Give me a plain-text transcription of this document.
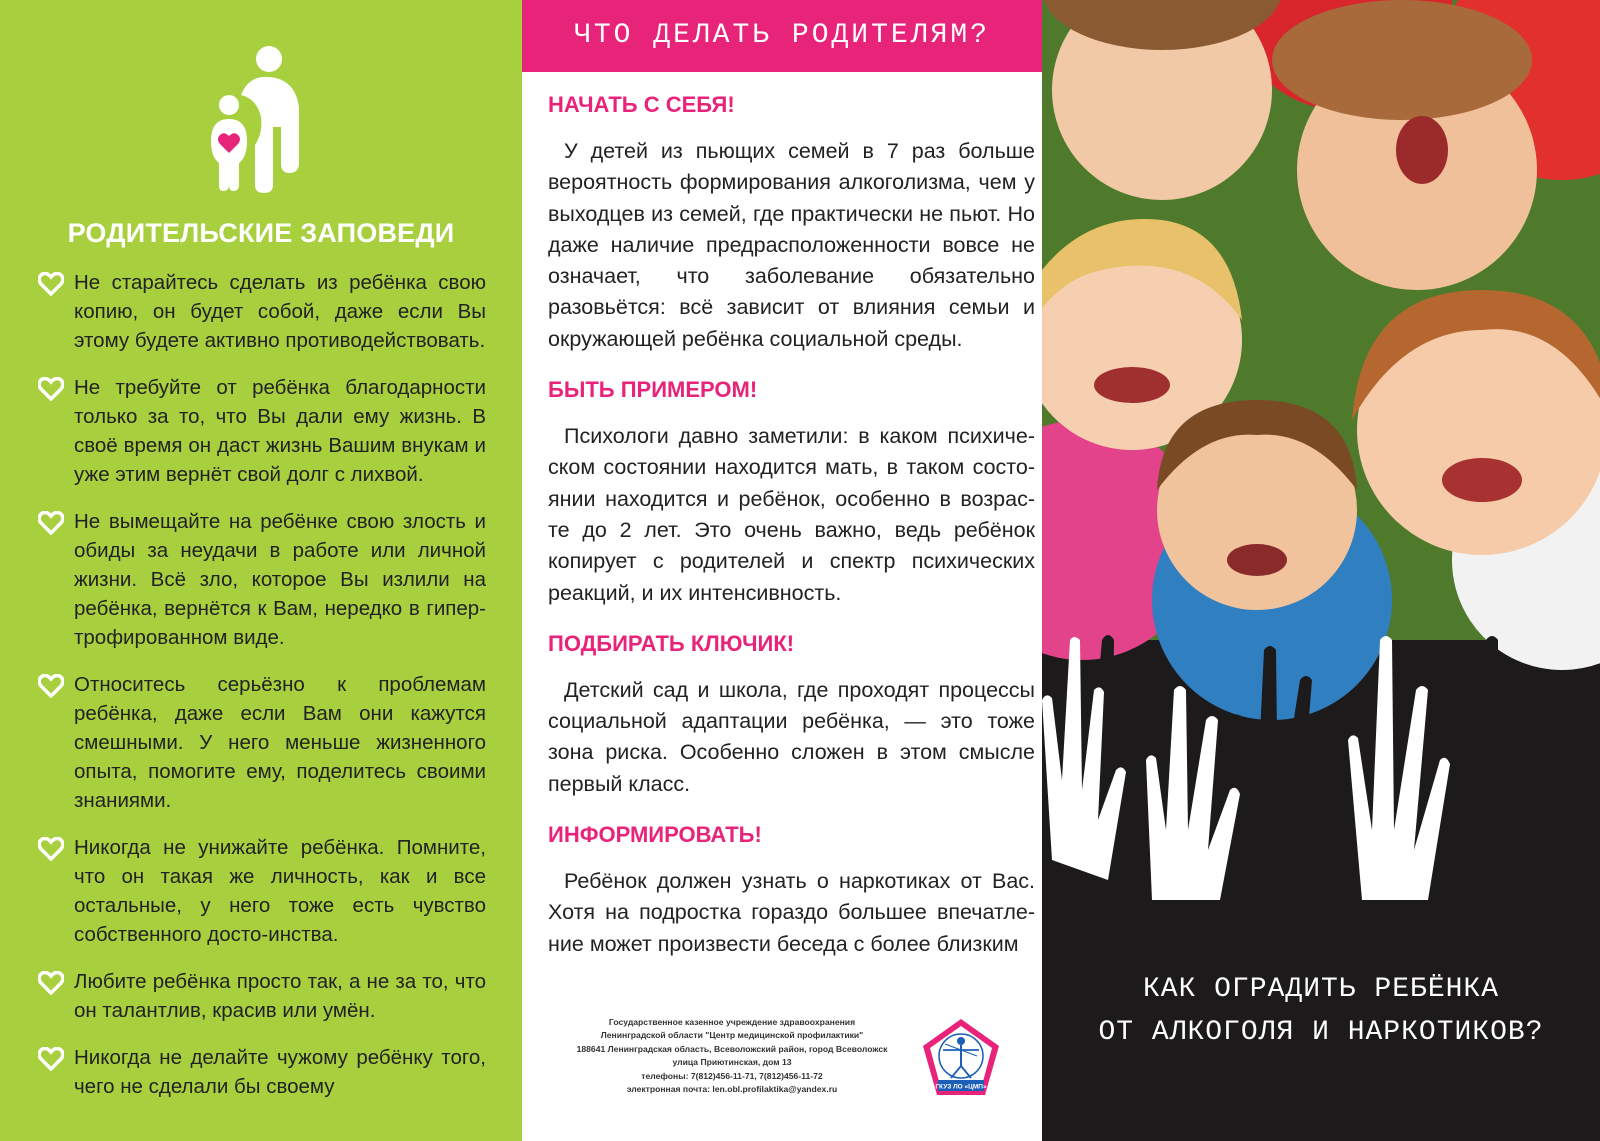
РОДИТЕЛЬСКИЕ ЗАПОВЕДИ
Не старайтесь сделать из ребёнка свою копию, он будет собой, даже если Вы этому будете активно противодействовать.
Не требуйте от ребёнка благодарности только за то, что Вы дали ему жизнь. В своё время он даст жизнь Вашим внукам и уже этим вернёт свой долг с лихвой.
Не вымещайте на ребёнке свою злость и обиды за неудачи в работе или личной жизни. Всё зло, которое Вы излили на ребёнка, вернётся к Вам, нередко в гипер-трофированном виде.
Относитесь серьёзно к проблемам ребёнка, даже если Вам они кажутся смешными. У него меньше жизненного опыта, помогите ему, поделитесь своими знаниями.
Никогда не унижайте ребёнка. Помните, что он такая же личность, как и все остальные, у него тоже есть чувство собственного досто-инства.
Любите ребёнка просто так, а не за то, что он талантлив, красив или умён.
Никогда не делайте чужому ребёнку того, чего не сделали бы своему
ЧТО ДЕЛАТЬ РОДИТЕЛЯМ?
НАЧАТЬ С СЕБЯ!

У детей из пьющих семей в 7 раз больше вероятность формирования алкоголизма, чем у выходцев из семей, где практически не пьют. Но даже наличие предрасположенности вовсе не означает, что заболевание обязательно разовьётся: всё зависит от влияния семьи и окружающей ребёнка социальной среды.

БЫТЬ ПРИМЕРОМ!

Психологи давно заметили: в каком психиче-ском состоянии находится мать, в таком состо-янии находится и ребёнок, особенно в возрас-те до 2 лет. Это очень важно, ведь ребёнок копирует с родителей и спектр психических реакций, и их интенсивность.

ПОДБИРАТЬ КЛЮЧИК!

Детский сад и школа, где проходят процессы социальной адаптации ребёнка, — это тоже зона риска. Особенно сложен в этом смысле первый класс.

ИНФОРМИРОВАТЬ!

Ребёнок должен узнать о наркотиках от Вас. Хотя на подростка гораздо большее впечатле-ние может произвести беседа с более близким

Государственное казенное учреждение здравоохранения
Ленинградской области "Центр медицинской профилактики"
188641 Ленинградская область, Всеволожский район, город Всеволожск
улица Приютинская, дом 13
телефоны: 7(812)456-11-71, 7(812)456-11-72
электронная почта: len.obl.profilaktika@yandex.ru	ГКУЗ ЛО «ЦМП»
КАК ОГРАДИТЬ РЕБЁНКА
ОТ АЛКОГОЛЯ И НАРКОТИКОВ?
